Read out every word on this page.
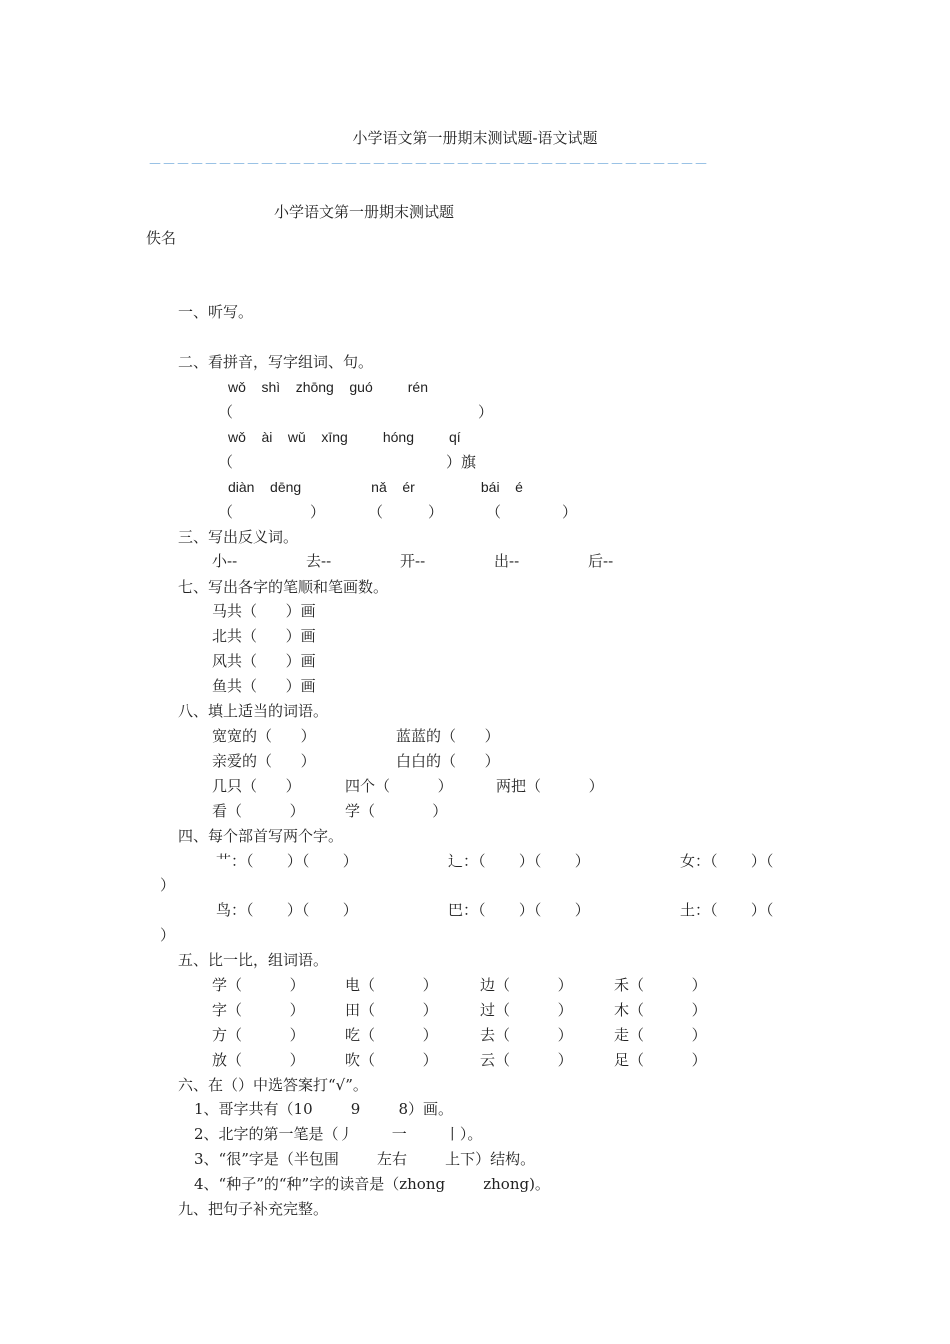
小学语文第一册期末测试题-语文试题
－－－－－－－－－－－－－－－－－－－－－－－－－－－－－－－－－－－－－－－－
小学语文第一册期末测试题
佚名
一、听写。
二、看拼音，写字组词、句。
wǒ    shì    zhōng    guó         rén
（	）
wǒ    ài    wǔ    xīng         hóng         qí
（	）旗
diàn    dēng                  nǎ    ér                 bái    é
（	）	（	）	（	）
三、写出反义词。
小--	去--	开--	出--	后--
七、写出各字的笔顺和笔画数。
马共（      ）画
北共（      ）画
风共（      ）画
鱼共（      ）画
八、填上适当的词语。
宽宽的（      ）	蓝蓝的（      ）
亲爱的（      ）	白白的（      ）
几只（      ）	四个（          ）	两把（          ）
看（          ）	学（            ）
四、每个部首写两个字。
艹：（       ）（       ）	辶：（       ）（       ）	女：（       ）（
）
鸟：（       ）（       ）	巴：（       ）（       ）	土：（       ）（
）
五、比一比，组词语。
学（          ）	电（          ）	边（          ）	禾（          ）
字（          ）	田（          ）	过（          ）	木（          ）
方（          ）	吃（          ）	去（          ）	走（          ）
放（          ）	吹（          ）	云（          ）	足（          ）
六、在（）中选答案打“√”。
1、哥字共有（10        9        8）画。
2、北字的第一笔是（丿        一        丨）。
3、“很”字是（半包围        左右        上下）结构。
4、“种子”的“种”字的读音是（zhong        zhong)。
九、把句子补充完整。
